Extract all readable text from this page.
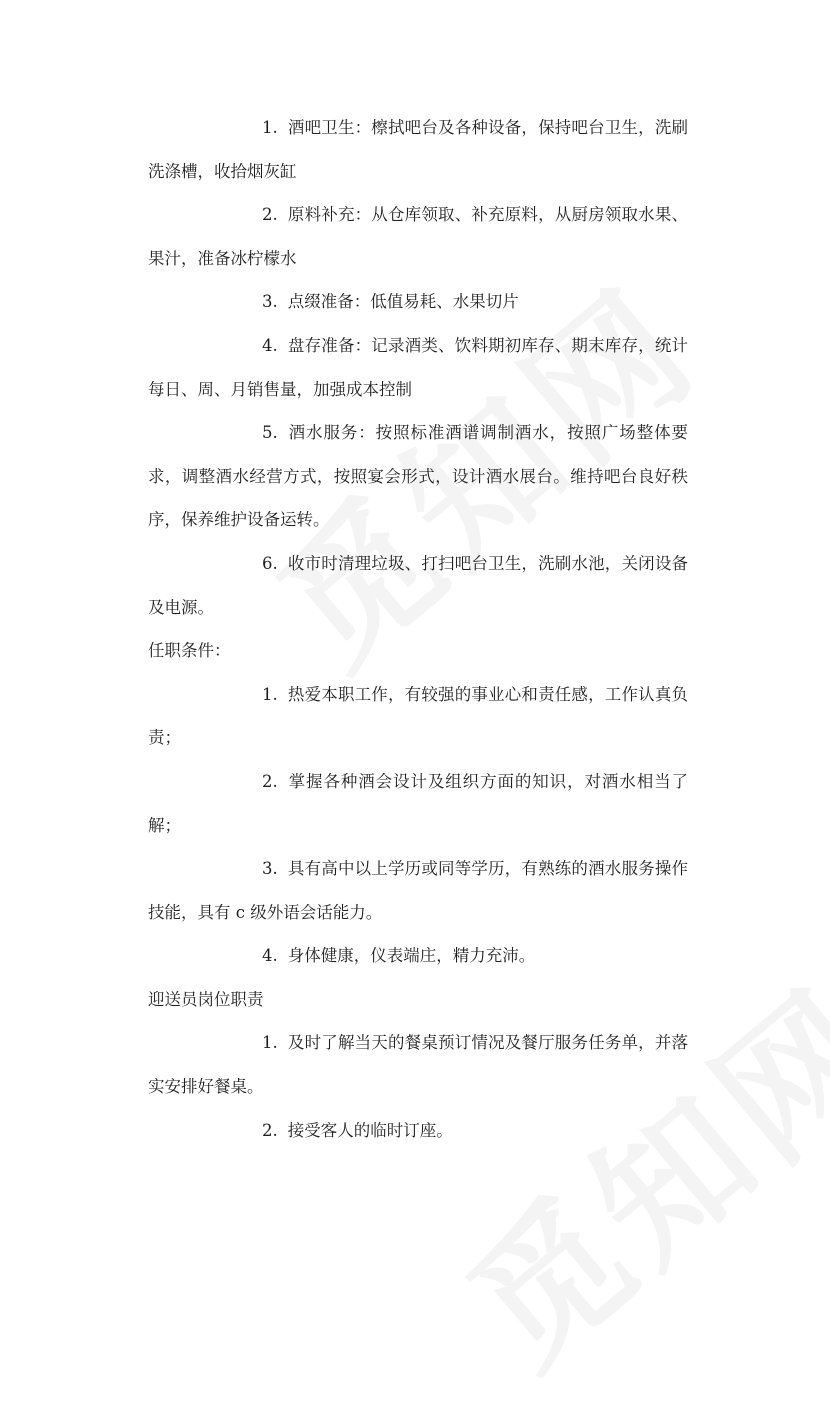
1. 酒吧卫生：檫拭吧台及各种设备，保持吧台卫生，洗刷洗涤槽，收拾烟灰缸

2. 原料补充：从仓库领取、补充原料，从厨房领取水果、果汁，准备冰柠檬水

3. 点缀准备：低值易耗、水果切片

4. 盘存准备：记录酒类、饮料期初库存、期末库存，统计每日、周、月销售量，加强成本控制

5. 酒水服务：按照标准酒谱调制酒水，按照广场整体要求，调整酒水经营方式，按照宴会形式，设计酒水展台。维持吧台良好秩序，保养维护设备运转。

6. 收市时清理垃圾、打扫吧台卫生，洗刷水池，关闭设备及电源。

任职条件：

1. 热爱本职工作，有较强的事业心和责任感，工作认真负责；

2. 掌握各种酒会设计及组织方面的知识，对酒水相当了解；

3. 具有高中以上学历或同等学历，有熟练的酒水服务操作技能，具有 c 级外语会话能力。

4. 身体健康，仪表端庄，精力充沛。

迎送员岗位职责

1. 及时了解当天的餐桌预订情况及餐厅服务任务单，并落实安排好餐桌。

2. 接受客人的临时订座。
